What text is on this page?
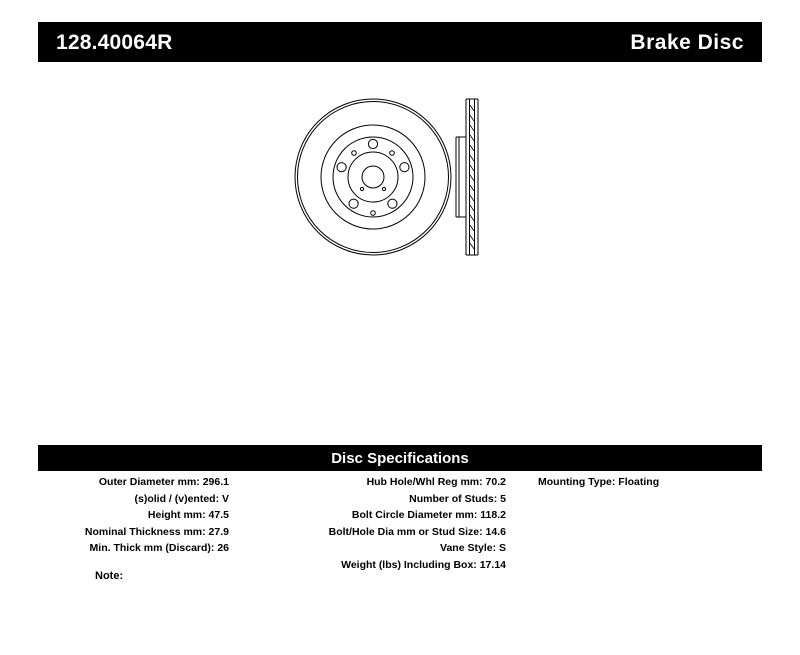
128.40064R	Brake Disc
Disc Specifications
Outer Diameter mm: 296.1
(s)olid / (v)ented: V
Height mm: 47.5
Nominal Thickness mm: 27.9
Min. Thick mm (Discard): 26
Hub Hole/Whl Reg mm: 70.2
Number of Studs: 5
Bolt Circle Diameter mm: 118.2
Bolt/Hole Dia mm or Stud Size: 14.6
Vane Style: S
Weight (lbs) Including Box: 17.14
Mounting Type: Floating
Note:
